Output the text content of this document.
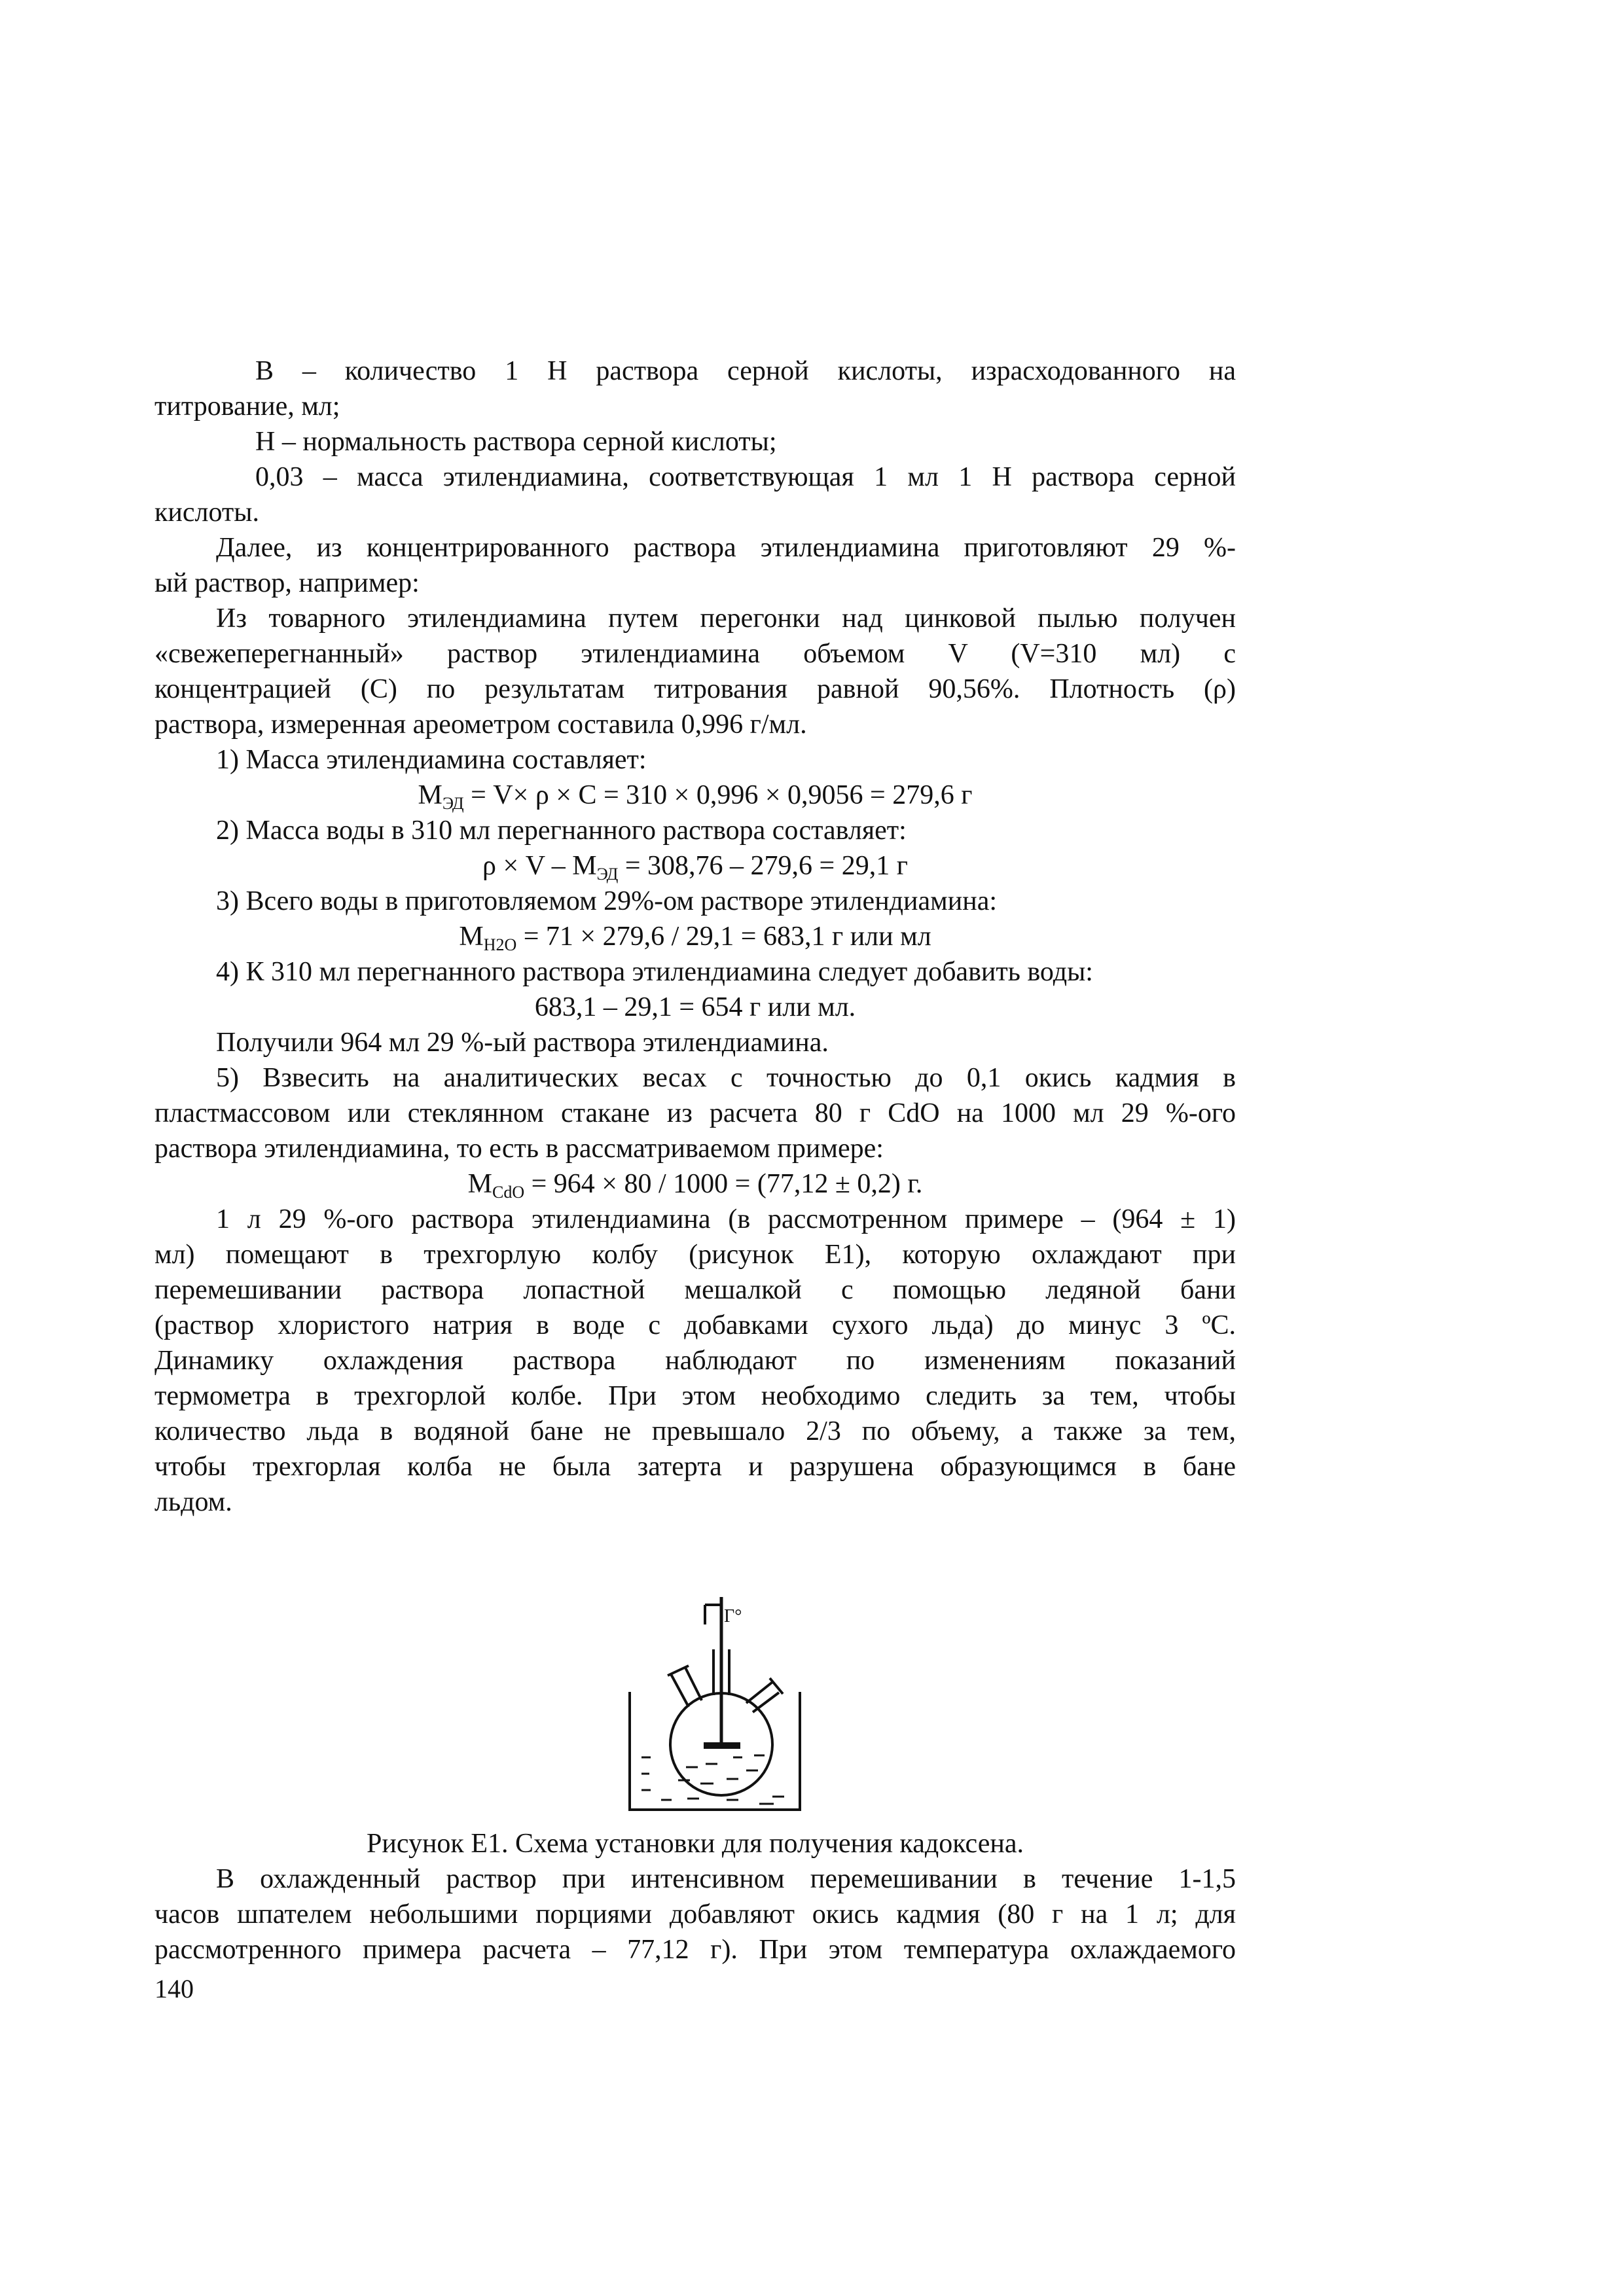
В – количество 1 Н раствора серной кислоты, израсходованного на
титрование, мл;
Н – нормальность раствора серной кислоты;
0,03 – масса этилендиамина, соответствующая 1 мл 1 Н раствора серной
кислоты.
Далее, из концентрированного раствора этилендиамина приготовляют 29 %-
ый раствор, например:
Из товарного этилендиамина путем перегонки над цинковой пылью получен
«свежеперегнанный» раствор этилендиамина объемом V (V=310 мл) с
концентрацией (С) по результатам титрования равной 90,56%. Плотность (ρ)
раствора, измеренная ареометром составила 0,996 г/мл.
1) Масса этилендиамина составляет:
$М_{ЭД} = V\times \rho \times С = 310 \times 0,996 \times 0,9056 = 279,6$ г
2) Масса воды в 310 мл перегнанного раствора составляет:
$\rho \times V - М_{ЭД} = 308,76 - 279,6 = 29,1$ г
3) Всего воды в приготовляемом 29%-ом растворе этилендиамина:
$М_{Н2О} = 71 \times 279,6 / 29,1 = 683,1$ г или мл
4) К 310 мл перегнанного раствора этилендиамина следует добавить воды:
683,1 – 29,1 = 654 г или мл.
Получили 964 мл 29 %-ый раствора этилендиамина.
5) Взвесить на аналитических весах с точностью до 0,1 окись кадмия в
пластмассовом или стеклянном стакане из расчета 80 г CdO на 1000 мл 29 %-ого
раствора этилендиамина, то есть в рассматриваемом примере:
$М_{CdO} = 964 \times 80 / 1000 = (77,12 \pm 0,2)$ г.
1 л 29 %-ого раствора этилендиамина (в рассмотренном примере – (964 ± 1)
мл) помещают в трехгорлую колбу (рисунок Е1), которую охлаждают при
перемешивании раствора лопастной мешалкой с помощью ледяной бани
(раствор хлористого натрия в воде с добавками сухого льда) до минус 3 ºС.
Динамику охлаждения раствора наблюдают по изменениям показаний
термометра в трехгорлой колбе. При этом необходимо следить за тем, чтобы
количество льда в водяной бане не превышало 2/3 по объему, а также за тем,
чтобы трехгорлая колба не была затерта и разрушена образующимся в бане
льдом.
Г°
Рисунок Е1. Схема установки для получения кадоксена.
В охлажденный раствор при интенсивном перемешивании в течение 1-1,5
часов шпателем небольшими порциями добавляют окись кадмия (80 г на 1 л; для
рассмотренного примера расчета – 77,12 г). При этом температура охлаждаемого
140
